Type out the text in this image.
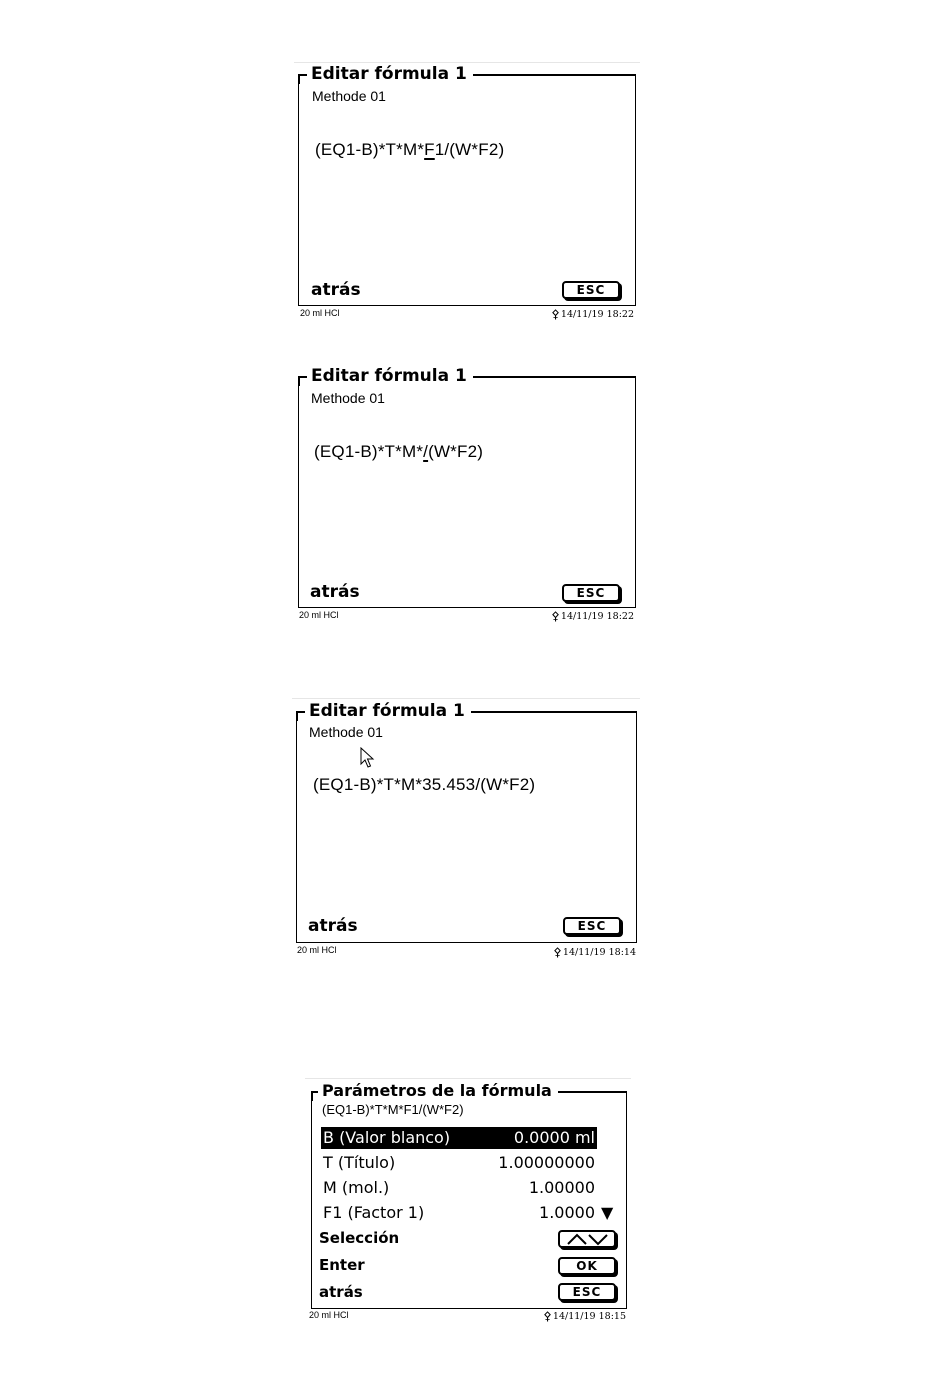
Editar fórmula 1
Methode 01
(EQ1-B)*T*M*F1/(W*F2)
atrás	ESC
20 ml HCl	⚴14/11/19 18:22
Editar fórmula 1
Methode 01
(EQ1-B)*T*M*/(W*F2)
atrás	ESC
20 ml HCl	⚴14/11/19 18:22
Editar fórmula 1
Methode 01
(EQ1-B)*T*M*35.453/(W*F2)
atrás	ESC
20 ml HCl	⚴14/11/19 18:14
Parámetros de la fórmula
(EQ1-B)*T*M*F1/(W*F2)
B (Valor blanco)	0.0000 ml
T (Título)	1.00000000
M (mol.)	1.00000
F1 (Factor 1)	1.0000 ▼
Selección
Enter	OK
atrás	ESC
20 ml HCl	⚴14/11/19 18:15
